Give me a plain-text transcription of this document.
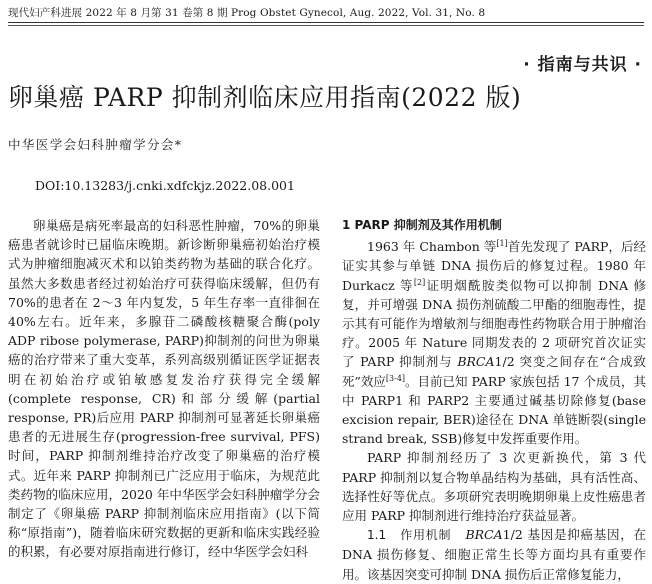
现代妇产科进展 2022 年 8 月第 31 卷第 8 期 Prog Obstet Gynecol, Aug. 2022, Vol. 31, No. 8
· 指南与共识 ·
卵巢癌 PARP 抑制剂临床应用指南(2022 版)
中华医学会妇科肿瘤学分会*
DOI:10.13283/j.cnki.xdfckjz.2022.08.001

卵巢癌是病死率最高的妇科恶性肿瘤，70%的卵巢癌患者就诊时已届临床晚期。新诊断卵巢癌初始治疗模式为肿瘤细胞减灭术和以铂类药物为基础的联合化疗。虽然大多数患者经过初始治疗可获得临床缓解，但仍有 70%的患者在 2～3 年内复发，5 年生存率一直徘徊在 40%左右。近年来，多腺苷二磷酸核糖聚合酶(poly ADP ribose polymerase, PARP)抑制剂的问世为卵巢癌的治疗带来了重大变革，系列高级别循证医学证据表明在初始治疗或铂敏感复发治疗获得完全缓解(complete response, CR)和部分缓解(partial response, PR)后应用 PARP 抑制剂可显著延长卵巢癌患者的无进展生存(progression-free survival, PFS)时间，PARP 抑制剂维持治疗改变了卵巢癌的治疗模式。近年来 PARP 抑制剂已广泛应用于临床，为规范此类药物的临床应用，2020 年中华医学会妇科肿瘤学分会制定了《卵巢癌 PARP 抑制剂临床应用指南》(以下简称“原指南”)，随着临床研究数据的更新和临床实践经验的积累，有必要对原指南进行修订，经中华医学会妇科

1 PARP 抑制剂及其作用机制

1963 年 Chambon 等[1]首先发现了 PARP，后经证实其参与单链 DNA 损伤后的修复过程。1980 年 Durkacz 等[2]证明烟酰胺类似物可以抑制 DNA 修复，并可增强 DNA 损伤剂硫酸二甲酯的细胞毒性，提示其有可能作为增敏剂与细胞毒性药物联合用于肿瘤治疗。2005 年 Nature 同期发表的 2 项研究首次证实了 PARP 抑制剂与 BRCA1/2 突变之间存在“合成致死”效应[3-4]。目前已知 PARP 家族包括 17 个成员，其中 PARP1 和 PARP2 主要通过碱基切除修复(base excision repair, BER)途径在 DNA 单链断裂(single strand break, SSB)修复中发挥重要作用。

PARP 抑制剂经历了 3 次更新换代，第 3 代 PARP 抑制剂以复合物单晶结构为基础，具有活性高、选择性好等优点。多项研究表明晚期卵巢上皮性癌患者应用 PARP 抑制剂进行维持治疗获益显著。

1.1 作用机制 BRCA1/2 基因是抑癌基因，在 DNA 损伤修复、细胞正常生长等方面均具有重要作用。该基因突变可抑制 DNA 损伤后正常修复能力，
